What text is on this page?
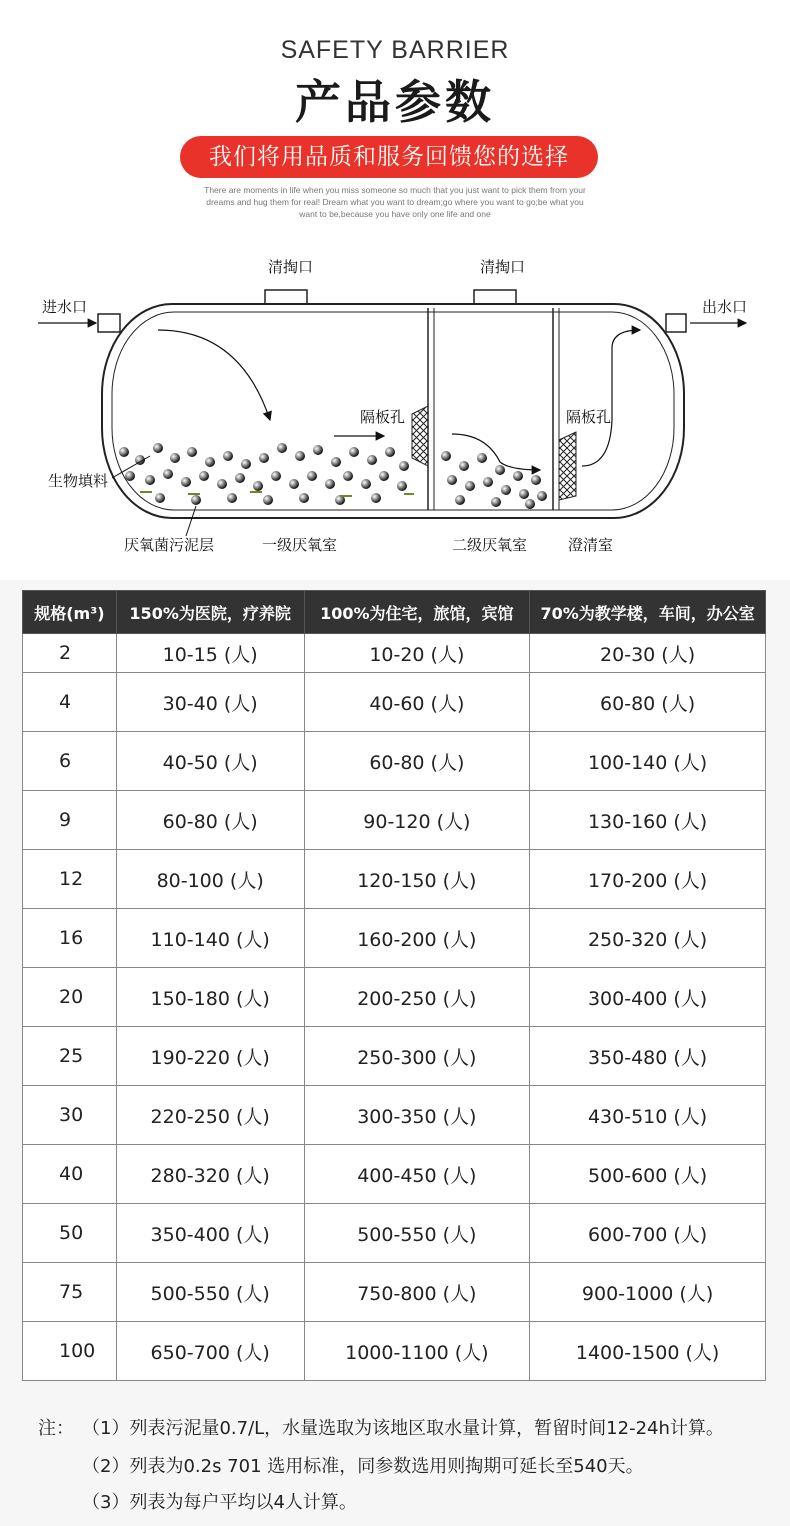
SAFETY BARRIER
产品参数
我们将用品质和服务回馈您的选择
There are moments in life when you miss someone so much that you just want to pick them from your
dreams and hug them for real! Dream what you want to dream;go where you want to go;be what you
want to be,because you have only one life and one
清掏口	清掏口
进水口	出水口
隔板孔	隔板孔
生物填料
厌氧菌污泥层	一级厌氧室	二级厌氧室	澄清室
规格(m³)	150%为医院，疗养院	100%为住宅，旅馆，宾馆	70%为教学楼，车间，办公室
2	10-15 (人)	10-20 (人)	20-30 (人)
4	30-40 (人)	40-60 (人)	60-80 (人)
6	40-50 (人)	60-80 (人)	100-140 (人)
9	60-80 (人)	90-120 (人)	130-160 (人)
12	80-100 (人)	120-150 (人)	170-200 (人)
16	110-140 (人)	160-200 (人)	250-320 (人)
20	150-180 (人)	200-250 (人)	300-400 (人)
25	190-220 (人)	250-300 (人)	350-480 (人)
30	220-250 (人)	300-350 (人)	430-510 (人)
40	280-320 (人)	400-450 (人)	500-600 (人)
50	350-400 (人)	500-550 (人)	600-700 (人)
75	500-550 (人)	750-800 (人)	900-1000 (人)
100	650-700 (人)	1000-1100 (人)	1400-1500 (人)
注： （1）列表污泥量0.7/L，水量选取为该地区取水量计算，暂留时间12-24h计算。
（2）列表为0.2s 701 选用标准，同参数选用则掏期可延长至540天。
（3）列表为每户平均以4人计算。
